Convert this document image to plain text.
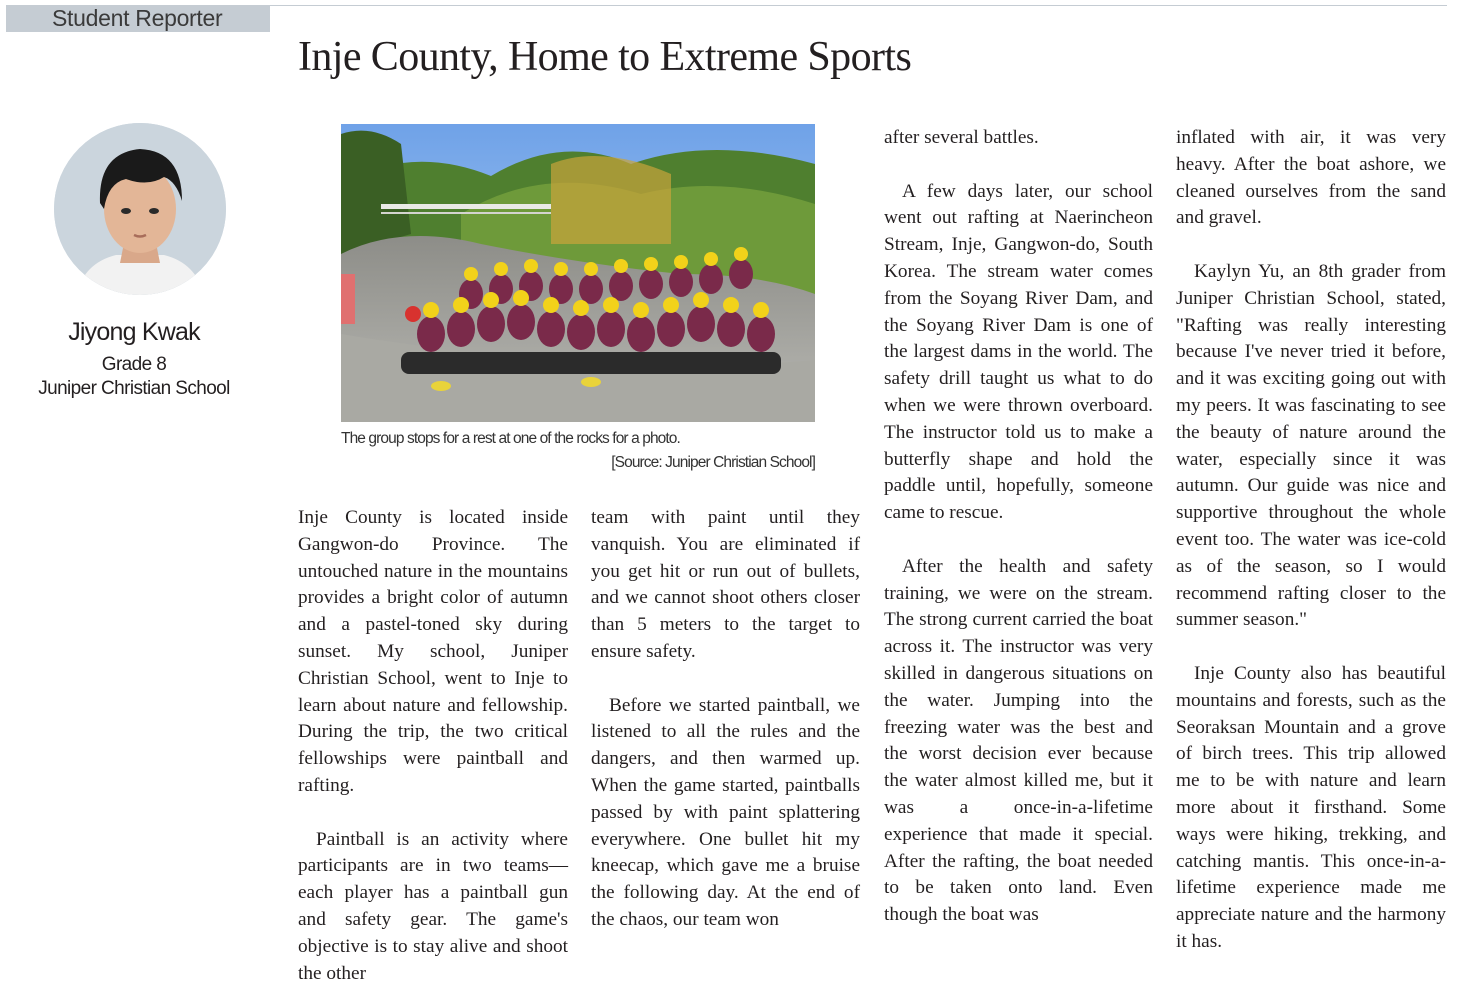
Student Reporter
Inje County, Home to Extreme Sports
Jiyong Kwak
Grade 8
Juniper Christian School
The group stops for a rest at one of the rocks for a photo.
[Source: Juniper Christian School]

Inje County is located inside Gangwon-do Province. The untouched nature in the mountains provides a bright color of autumn and a pastel-toned sky during sunset. My school, Juniper Christian School, went to Inje to learn about nature and fellowship. During the trip, the two critical fellowships were paintball and rafting.

Paintball is an activity where participants are in two teams—each player has a paintball gun and safety gear. The game's objective is to stay alive and shoot the other

team with paint until they vanquish. You are eliminated if you get hit or run out of bullets, and we cannot shoot others closer than 5 meters to the target to ensure safety.

Before we started paintball, we listened to all the rules and the dangers, and then warmed up. When the game started, paintballs passed by with paint splattering everywhere. One bullet hit my kneecap, which gave me a bruise the following day. At the end of the chaos, our team won

after several battles.

A few days later, our school went out rafting at Naerincheon Stream, Inje, Gangwon-do, South Korea. The stream water comes from the Soyang River Dam, and the Soyang River Dam is one of the largest dams in the world. The safety drill taught us what to do when we were thrown overboard. The instructor told us to make a butterfly shape and hold the paddle until, hopefully, someone came to rescue.

After the health and safety training, we were on the stream. The strong current carried the boat across it. The instructor was very skilled in dangerous situations on the water. Jumping into the freezing water was the best and the worst decision ever because the water almost killed me, but it was a once-in-a-lifetime experience that made it special. After the rafting, the boat needed to be taken onto land. Even though the boat was

inflated with air, it was very heavy. After the boat ashore, we cleaned ourselves from the sand and gravel.

Kaylyn Yu, an 8th grader from Juniper Christian School, stated, "Rafting was really interesting because I've never tried it before, and it was exciting going out with my peers. It was fascinating to see the beauty of nature around the water, especially since it was autumn. Our guide was nice and supportive throughout the whole event too. The water was ice-cold as of the season, so I would recommend rafting closer to the summer season."

Inje County also has beautiful mountains and forests, such as the Seoraksan Mountain and a grove of birch trees. This trip allowed me to be with nature and learn more about it firsthand. Some ways were hiking, trekking, and catching mantis. This once-in-a-lifetime experience made me appreciate nature and the harmony it has.
